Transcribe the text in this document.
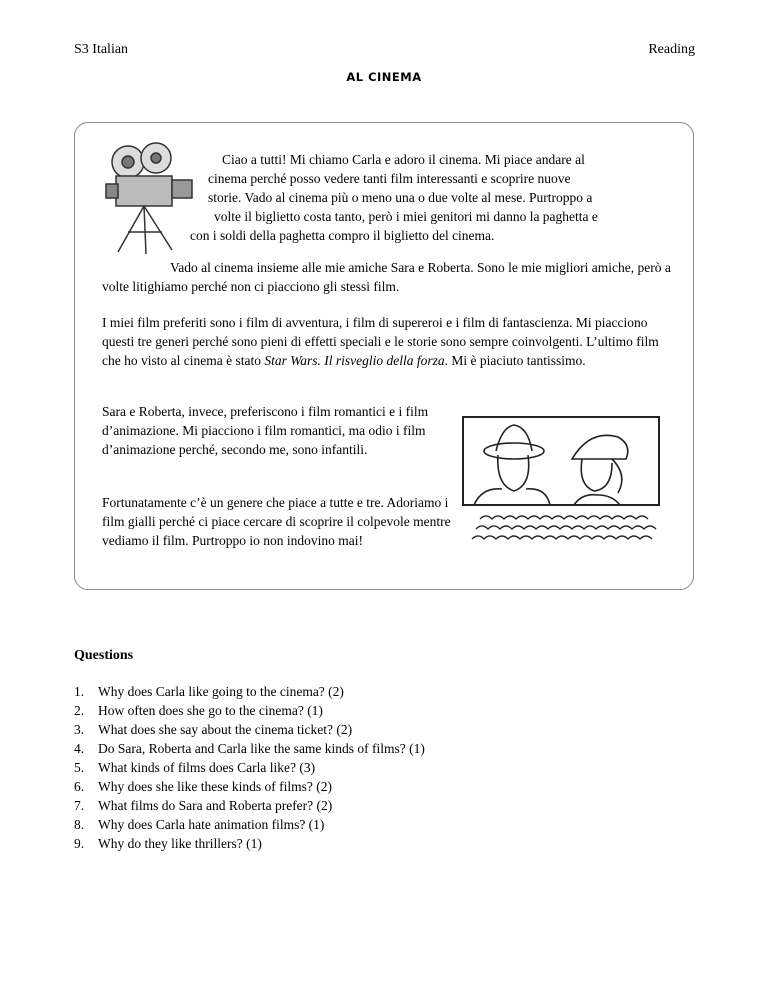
S3 Italian	Reading
AL CINEMA
Ciao a tutti! Mi chiamo Carla e adoro il cinema. Mi piace andare al
cinema perché posso vedere tanti film interessanti e scoprire nuove
storie. Vado al cinema più o meno una o due volte al mese. Purtroppo a
volte il biglietto costa tanto, però i miei genitori mi danno la paghetta e
con i soldi della paghetta compro il biglietto del cinema.

Vado al cinema insieme alle mie amiche Sara e Roberta. Sono le mie migliori amiche, però a volte litighiamo perché non ci piacciono gli stessi film.

I miei film preferiti sono i film di avventura, i film di supereroi e i film di fantascienza. Mi piacciono questi tre generi perché sono pieni di effetti speciali e le storie sono sempre coinvolgenti. L’ultimo film che ho visto al cinema è stato Star Wars. Il risveglio della forza. Mi è piaciuto tantissimo.

Sara e Roberta, invece, preferiscono i film romantici e i film d’animazione. Mi piacciono i film romantici, ma odio i film d’animazione perché, secondo me, sono infantili.

Fortunatamente c’è un genere che piace a tutte e tre. Adoriamo i film gialli perché ci piace cercare di scoprire il colpevole mentre vediamo il film. Purtroppo io non indovino mai!

Questions
1. Why does Carla like going to the cinema? (2)
2. How often does she go to the cinema? (1)
3. What does she say about the cinema ticket? (2)
4. Do Sara, Roberta and Carla like the same kinds of films? (1)
5. What kinds of films does Carla like? (3)
6. Why does she like these kinds of films? (2)
7. What films do Sara and Roberta prefer? (2)
8. Why does Carla hate animation films? (1)
9. Why do they like thrillers? (1)
